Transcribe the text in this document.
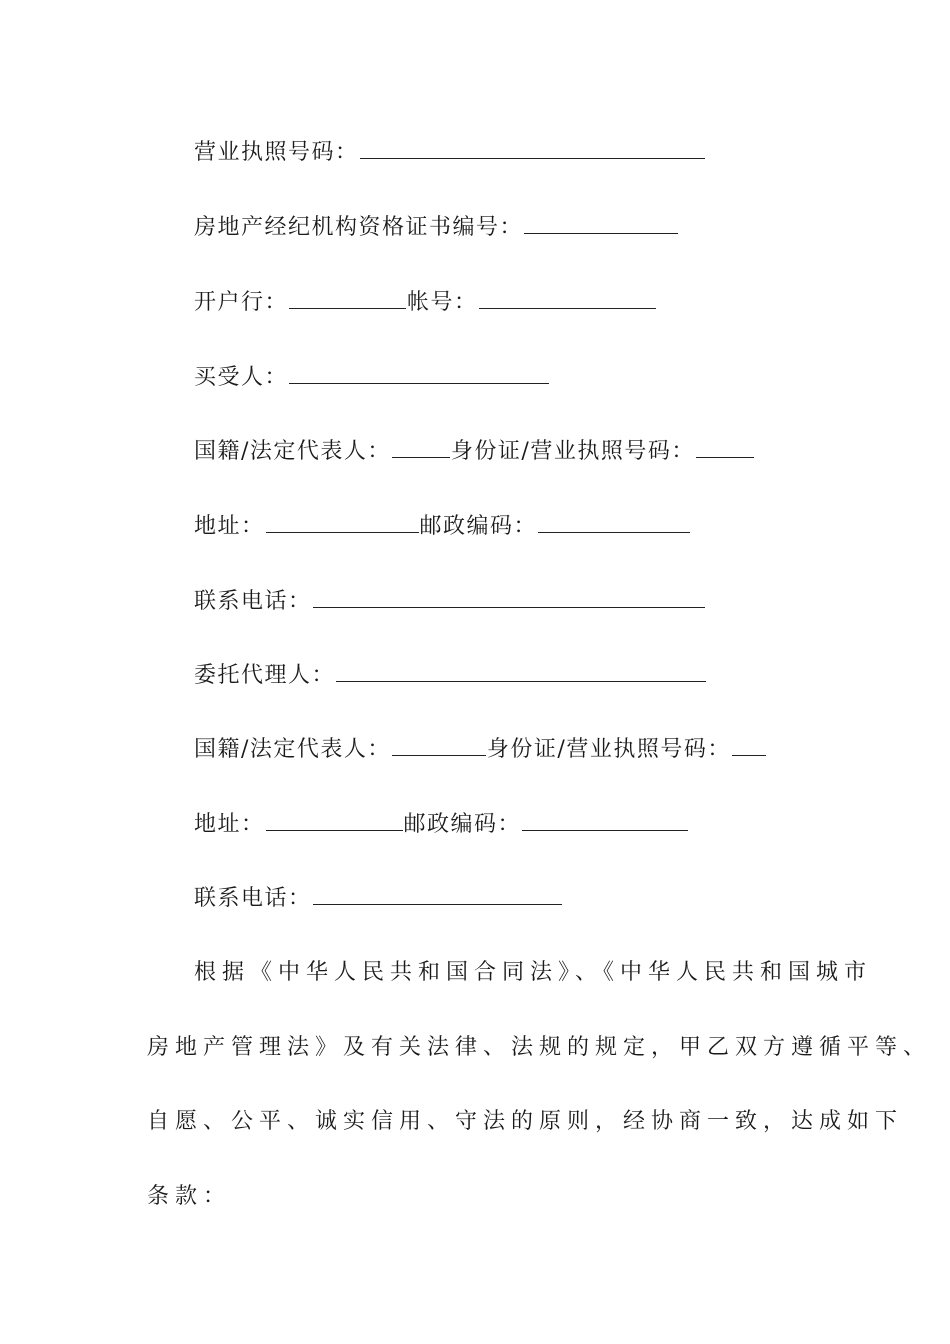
营业执照号码：
房地产经纪机构资格证书编号：
开户行：	帐号：
买受人：
国籍/法定代表人：	身份证/营业执照号码：
地址：	邮政编码：
联系电话：
委托代理人：
国籍/法定代表人：	身份证/营业执照号码：
地址：	邮政编码：
联系电话：
根据《中华人民共和国合同法》、《中华人民共和国城市
房地产管理法》及有关法律、法规的规定，甲乙双方遵循平等、
自愿、公平、诚实信用、守法的原则，经协商一致，达成如下
条款：
